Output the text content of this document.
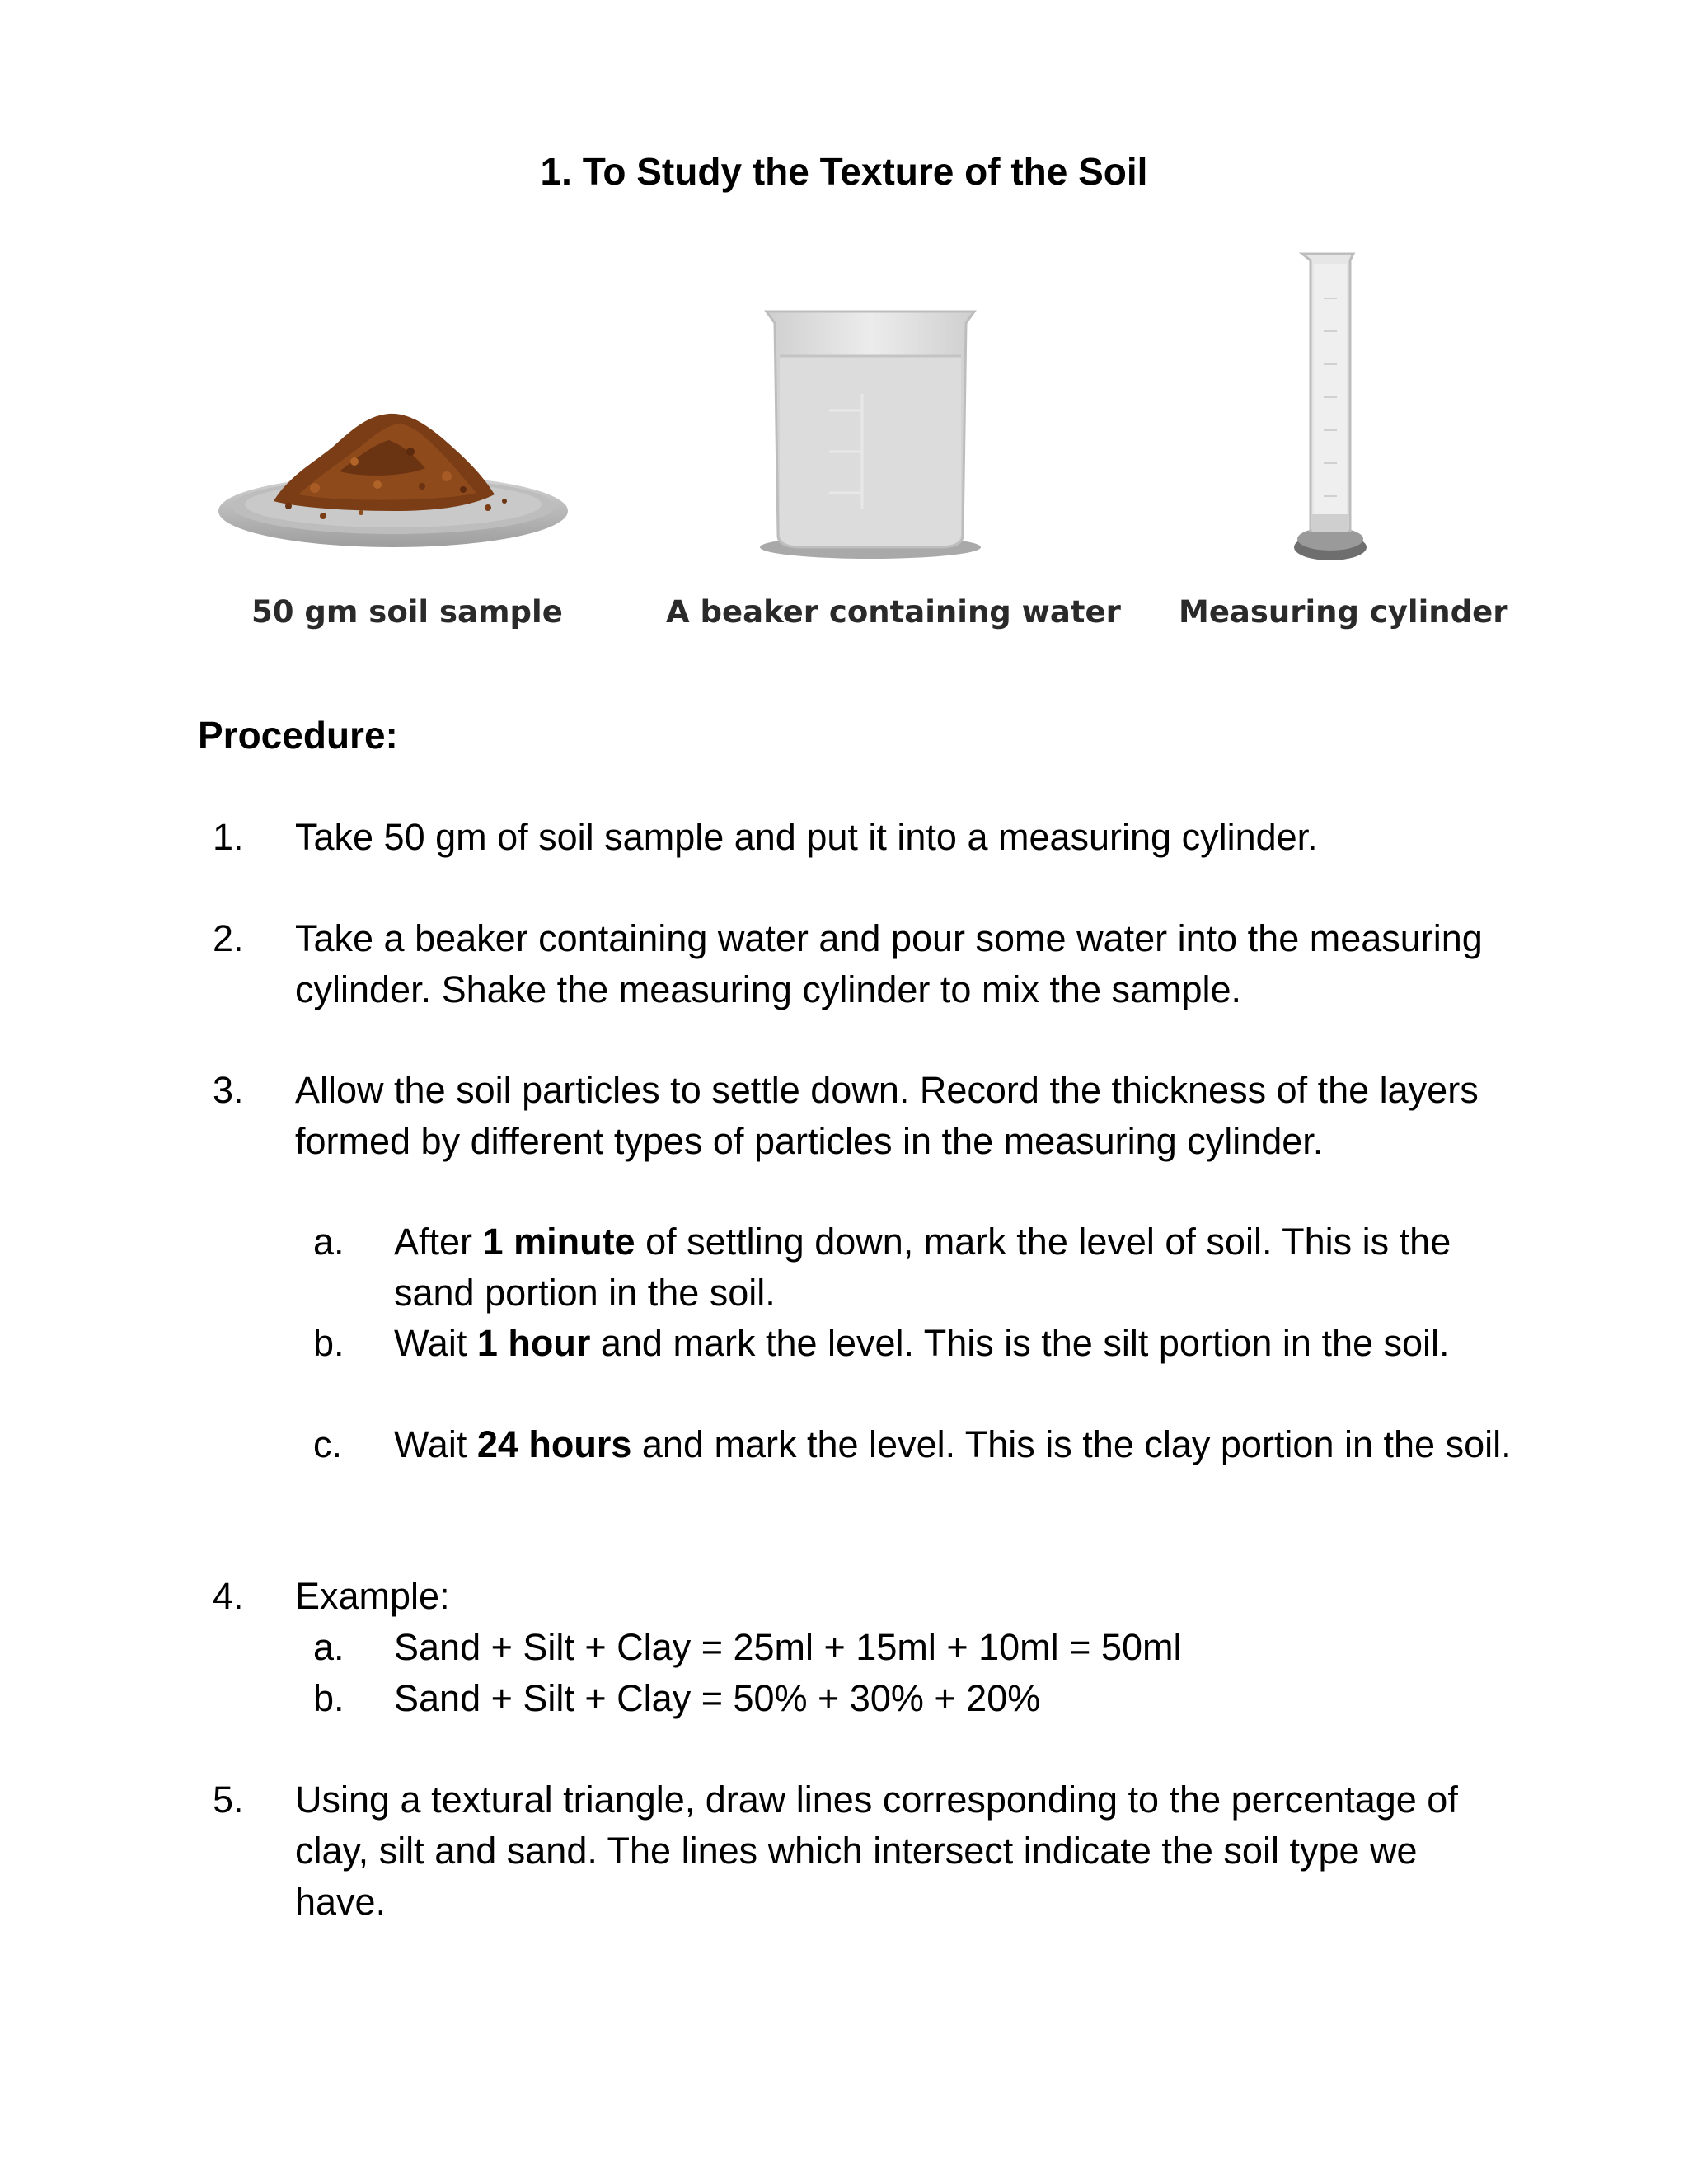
1. To Study the Texture of the Soil
50 gm soil sample	A beaker containing water Measuring cylinder
Procedure:
1. Take 50 gm of soil sample and put it into a measuring cylinder.
2. Take a beaker containing water and pour some water into the measuring cylinder. Shake the measuring cylinder to mix the sample.
3. Allow the soil particles to settle down. Record the thickness of the layers formed by different types of particles in the measuring cylinder.
a. After 1 minute of settling down, mark the level of soil. This is the sand portion in the soil.
b. Wait 1 hour and mark the level. This is the silt portion in the soil.
c. Wait 24 hours and mark the level. This is the clay portion in the soil.
4. Example:
a. Sand + Silt + Clay = 25ml + 15ml + 10ml = 50ml
b. Sand + Silt + Clay = 50% + 30% + 20%
5. Using a textural triangle, draw lines corresponding to the percentage of clay, silt and sand. The lines which intersect indicate the soil type we have.
